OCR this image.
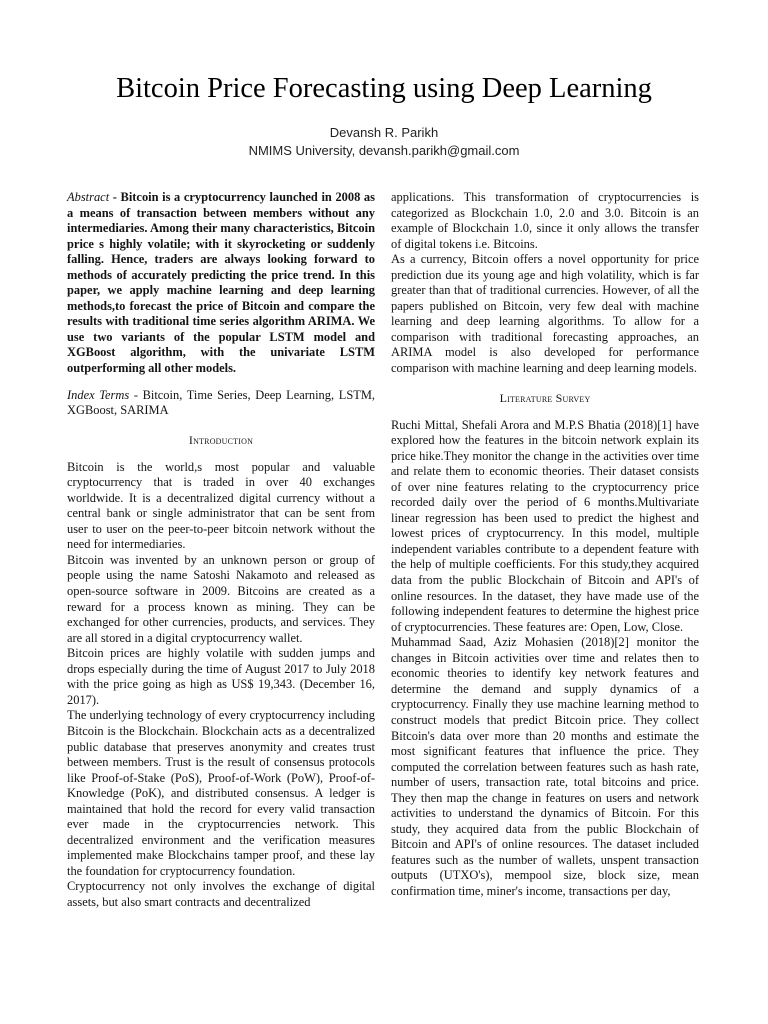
Bitcoin Price Forecasting using Deep Learning
Devansh R. Parikh
NMIMS University, devansh.parikh@gmail.com

Abstract - Bitcoin is a cryptocurrency launched in 2008 as a means of transaction between members without any intermediaries. Among their many characteristics, Bitcoin price s highly volatile; with it skyrocketing or suddenly falling. Hence, traders are always looking forward to methods of accurately predicting the price trend. In this paper, we apply machine learning and deep learning methods,to forecast the price of Bitcoin and compare the results with traditional time series algorithm ARIMA. We use two variants of the popular LSTM model and XGBoost algorithm, with the univariate LSTM outperforming all other models.

Index Terms - Bitcoin, Time Series, Deep Learning, LSTM, XGBoost, SARIMA

Introduction

Bitcoin is the world,s most popular and valuable cryptocurrency that is traded in over 40 exchanges worldwide. It is a decentralized digital currency without a central bank or single administrator that can be sent from user to user on the peer-to-peer bitcoin network without the need for intermediaries.

Bitcoin was invented by an unknown person or group of people using the name Satoshi Nakamoto and released as open-source software in 2009. Bitcoins are created as a reward for a process known as mining. They can be exchanged for other currencies, products, and services. They are all stored in a digital cryptocurrency wallet.

Bitcoin prices are highly volatile with sudden jumps and drops especially during the time of August 2017 to July 2018 with the price going as high as US$ 19,343. (December 16, 2017).

The underlying technology of every cryptocurrency including Bitcoin is the Blockchain. Blockchain acts as a decentralized public database that preserves anonymity and creates trust between members. Trust is the result of consensus protocols like Proof-of-Stake (PoS), Proof-of-Work (PoW), Proof-of-Knowledge (PoK), and distributed consensus. A ledger is maintained that hold the record for every valid transaction ever made in the cryptocurrencies network. This decentralized environment and the verification measures implemented make Blockchains tamper proof, and these lay the foundation for cryptocurrency foundation.

Cryptocurrency not only involves the exchange of digital assets, but also smart contracts and decentralized

applications. This transformation of cryptocurrencies is categorized as Blockchain 1.0, 2.0 and 3.0. Bitcoin is an example of Blockchain 1.0, since it only allows the transfer of digital tokens i.e. Bitcoins.

As a currency, Bitcoin offers a novel opportunity for price prediction due its young age and high volatility, which is far greater than that of traditional currencies. However, of all the papers published on Bitcoin, very few deal with machine learning and deep learning algorithms. To allow for a comparison with traditional forecasting approaches, an ARIMA model is also developed for performance comparison with machine learning and deep learning models.

Literature Survey

Ruchi Mittal, Shefali Arora and M.P.S Bhatia (2018)[1] have explored how the features in the bitcoin network explain its price hike.They monitor the change in the activities over time and relate them to economic theories. Their dataset consists of over nine features relating to the cryptocurrency price recorded daily over the period of 6 months.Multivariate linear regression has been used to predict the highest and lowest prices of cryptocurrency. In this model, multiple independent variables contribute to a dependent feature with the help of multiple coefficients. For this study,they acquired data from the public Blockchain of Bitcoin and API's of online resources. In the dataset, they have made use of the following independent features to determine the highest price of cryptocurrencies. These features are: Open, Low, Close.

Muhammad Saad, Aziz Mohasien (2018)[2] monitor the changes in Bitcoin activities over time and relates then to economic theories to identify key network features and determine the demand and supply dynamics of a cryptocurrency. Finally they use machine learning method to construct models that predict Bitcoin price. They collect Bitcoin's data over more than 20 months and estimate the most significant features that influence the price. They computed the correlation between features such as hash rate, number of users, transaction rate, total bitcoins and price. They then map the change in features on users and network activities to understand the dynamics of Bitcoin. For this study, they acquired data from the public Blockchain of Bitcoin and API's of online resources. The dataset included features such as the number of wallets, unspent transaction outputs (UTXO's), mempool size, block size, mean confirmation time, miner's income, transactions per day,
